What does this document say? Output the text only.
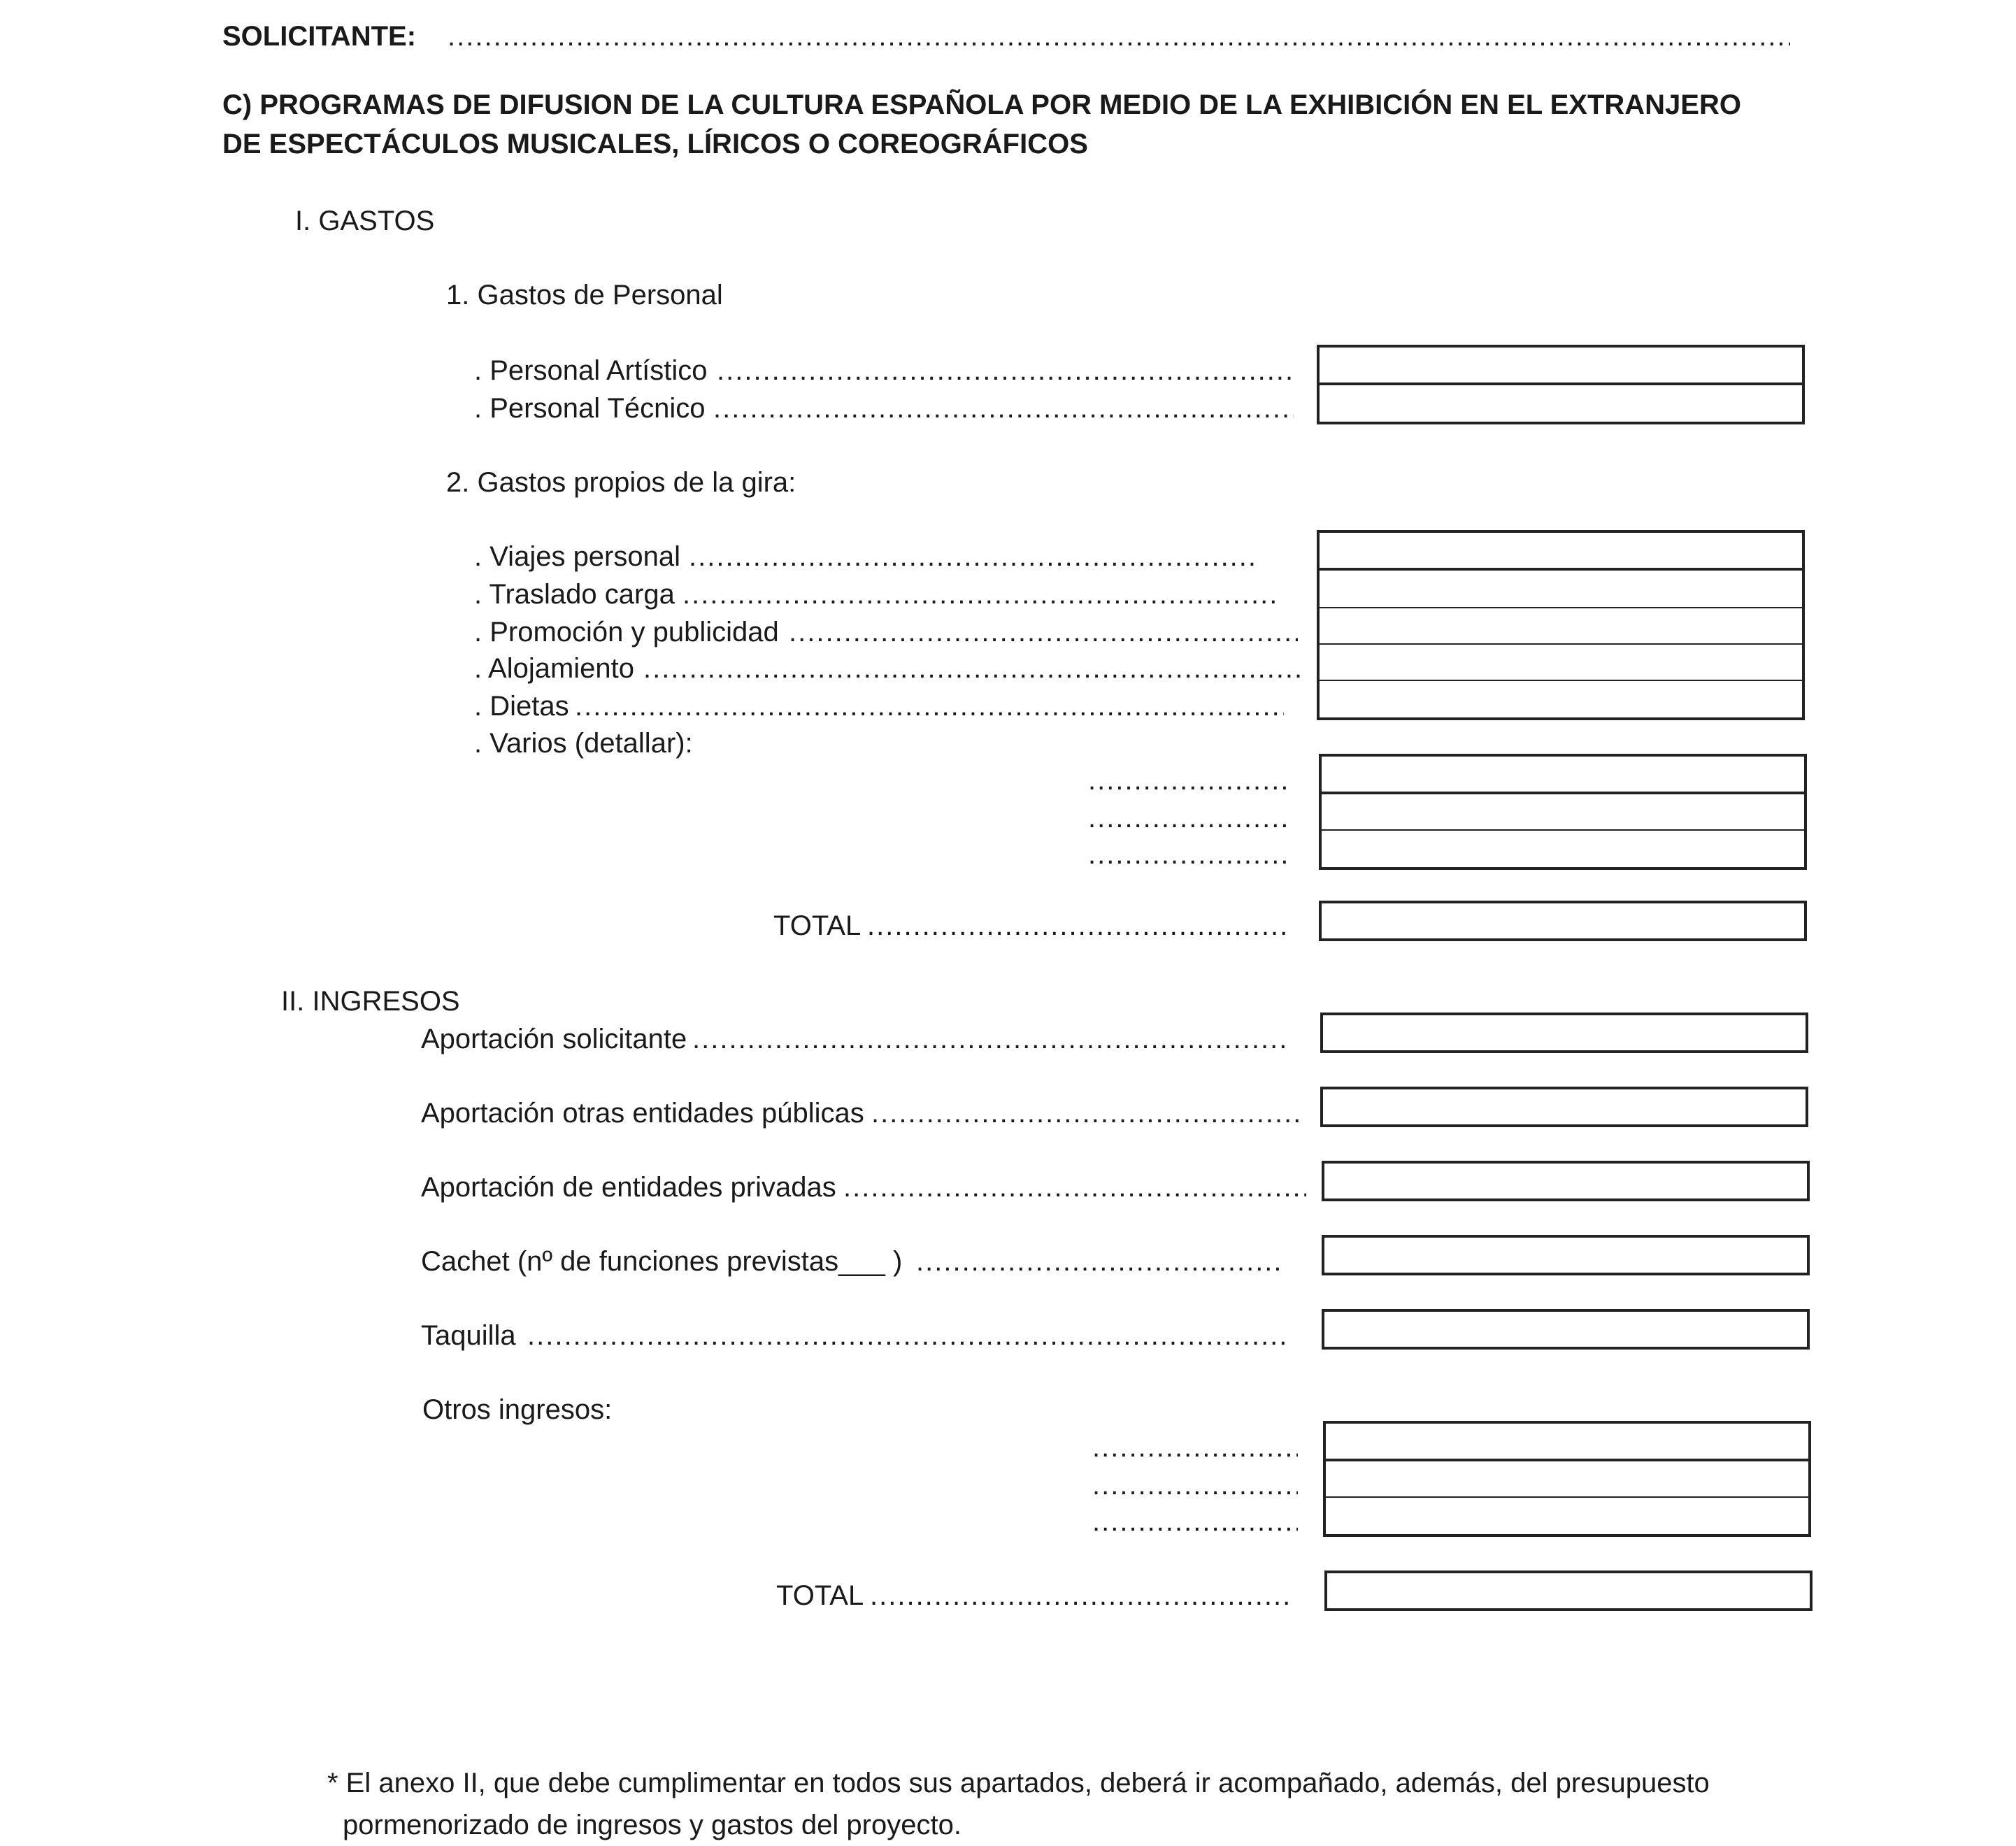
SOLICITANTE:
.....
C) PROGRAMAS DE DIFUSION DE LA CULTURA ESPAÑOLA POR MEDIO DE LA EXHIBICIÓN EN EL EXTRANJERO
DE ESPECTÁCULOS MUSICALES, LÍRICOS O COREOGRÁFICOS
I. GASTOS
1. Gastos de Personal
. Personal Artístico
.....
. Personal Técnico
.....
2. Gastos propios de la gira:
. Viajes personal
.....
. Traslado carga
.....
. Promoción y publicidad
.....
. Alojamiento
.....
. Dietas
.....
. Varios (detallar):
.....
.....
.....
TOTAL
.....
II. INGRESOS
Aportación solicitante
.....
Aportación otras entidades públicas
.....
Aportación de entidades privadas
.....
Cachet (nº de funciones previstas___ )
.....
Taquilla
.....
Otros ingresos:
.....
.....
.....
TOTAL
.....
* El anexo II, que debe cumplimentar en todos sus apartados, deberá ir acompañado, además, del presupuesto
pormenorizado de ingresos y gastos del proyecto.
